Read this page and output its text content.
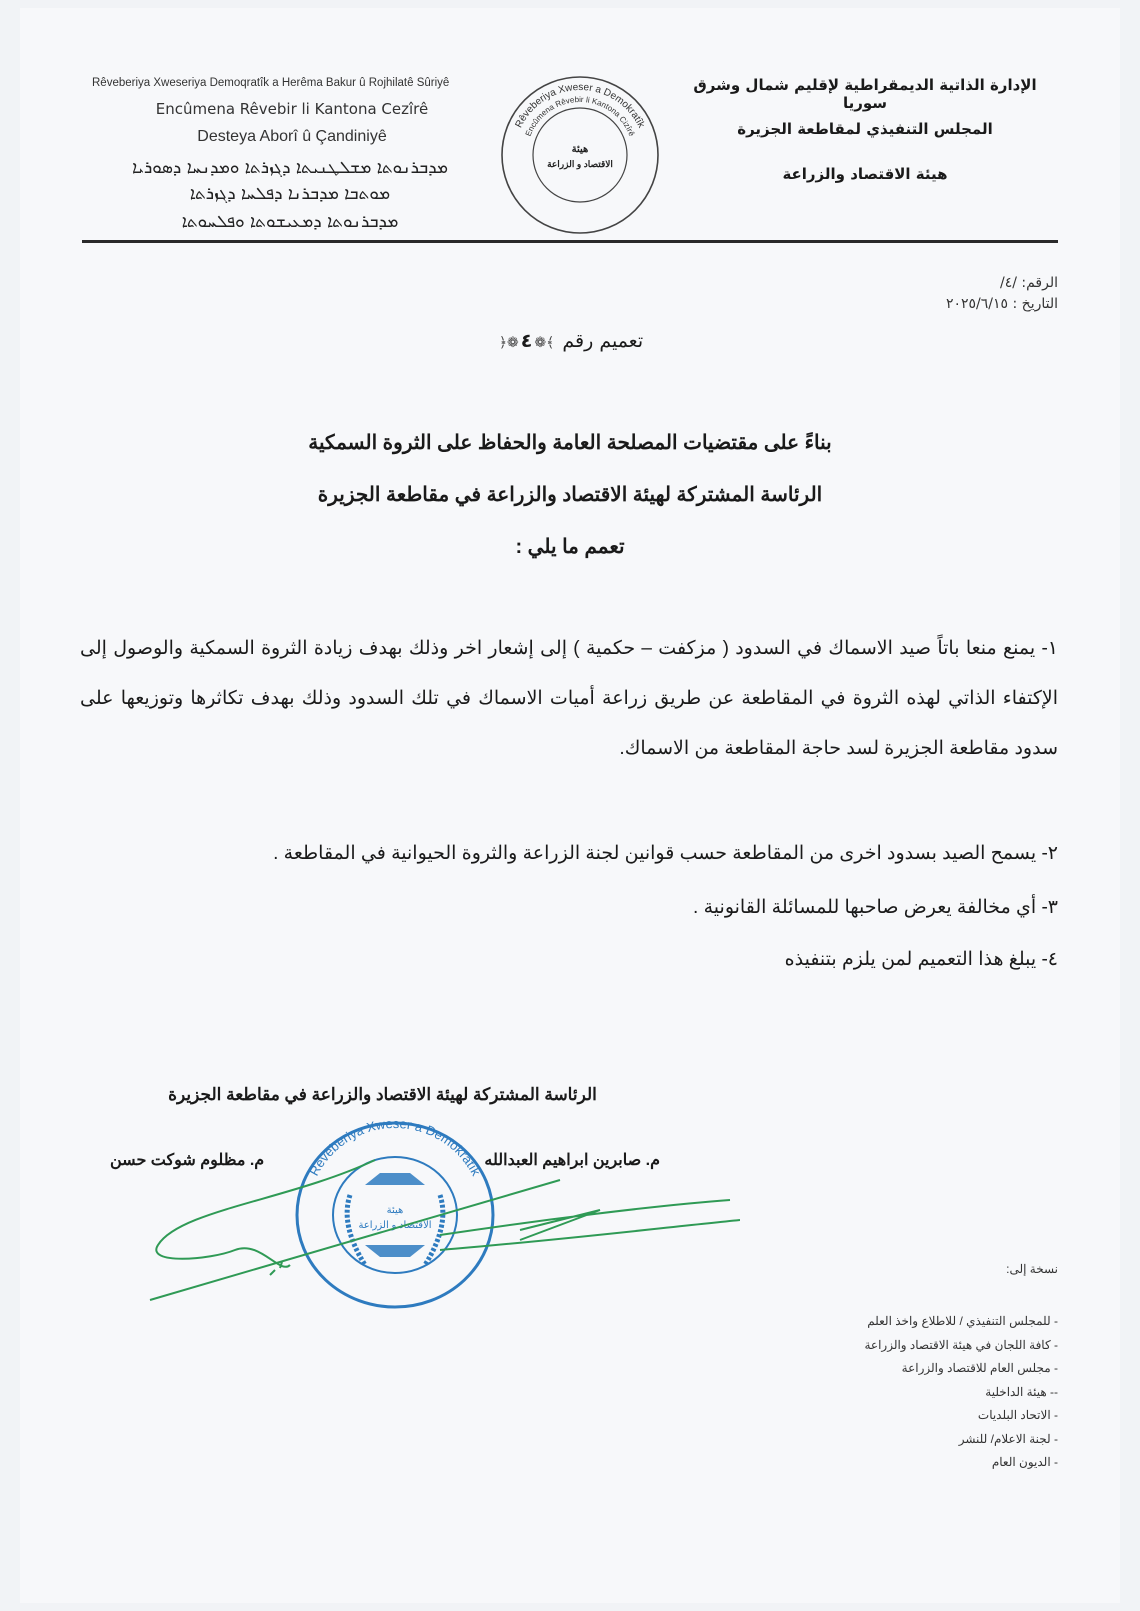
Rêveberiya Xweseriya Demoqratîk a Herêma Bakur û Rojhilatê Sûriyê
Encûmena Rêvebir li Kantona Cezîrê
Desteya Aborî û Çandiniyê
ܡܕܒܪܢܘܬܐ ܡܫܠܛܢܝܬܐ ܕܓܙܪܬܐ ܘܡܕܢܚܐ ܕܣܘܪܝܐ
ܡܘܬܒܐ ܡܕܒܪܢܐ ܕܦܠܚܐ ܕܓܙܪܬܐ
ܡܕܒܪܢܘܬܐ ܕܡܥܝܫܘܬܐ ܘܦܠܚܘܬܐ
Rêveberiya Xweser a Demokratîk
Encûmena Rêvebir li Kantona Cizîrê
هيئة
الاقتصاد و الزراعة
الإدارة الذاتية الديمقراطية لإقليم شمال وشرق سوريا
المجلس التنفيذي لمقاطعة الجزيرة
هيئة الاقتصاد والزراعة
الرقم: /٤/
التاريخ : ٢٠٢٥/٦/١٥
تعميم رقم ﴾❁٤❁﴿
بناءً على مقتضيات المصلحة العامة والحفاظ على الثروة السمكية
الرئاسة المشتركة لهيئة الاقتصاد والزراعة في مقاطعة الجزيرة
تعمم ما يلي :
١- يمنع منعا باتاً صيد الاسماك في السدود ( مزكفت – حكمية ) إلى إشعار اخر وذلك بهدف زيادة الثروة السمكية والوصول إلى الإكتفاء الذاتي لهذه الثروة في المقاطعة عن طريق زراعة أميات الاسماك في تلك السدود وذلك بهدف تكاثرها وتوزيعها على سدود مقاطعة الجزيرة لسد حاجة المقاطعة من الاسماك.
٢- يسمح الصيد بسدود اخرى من المقاطعة حسب قوانين لجنة الزراعة والثروة الحيوانية في المقاطعة .
٣- أي مخالفة يعرض صاحبها للمسائلة القانونية .
٤- يبلغ هذا التعميم لمن يلزم بتنفيذه
الرئاسة المشتركة لهيئة الاقتصاد والزراعة في مقاطعة الجزيرة
م. صابرين ابراهيم العبدالله
م. مظلوم شوكت حسن
Rêveberiya Xweser a Demokratîk
هيئة
الاقتصاد و الزراعة
نسخة إلى:
- للمجلس التنفيذي / للاطلاع واخذ العلم
- كافة اللجان في هيئة الاقتصاد والزراعة
- مجلس العام للاقتصاد والزراعة
-- هيئة الداخلية
- الاتحاد البلديات
- لجنة الاعلام/ للنشر
- الديون العام
